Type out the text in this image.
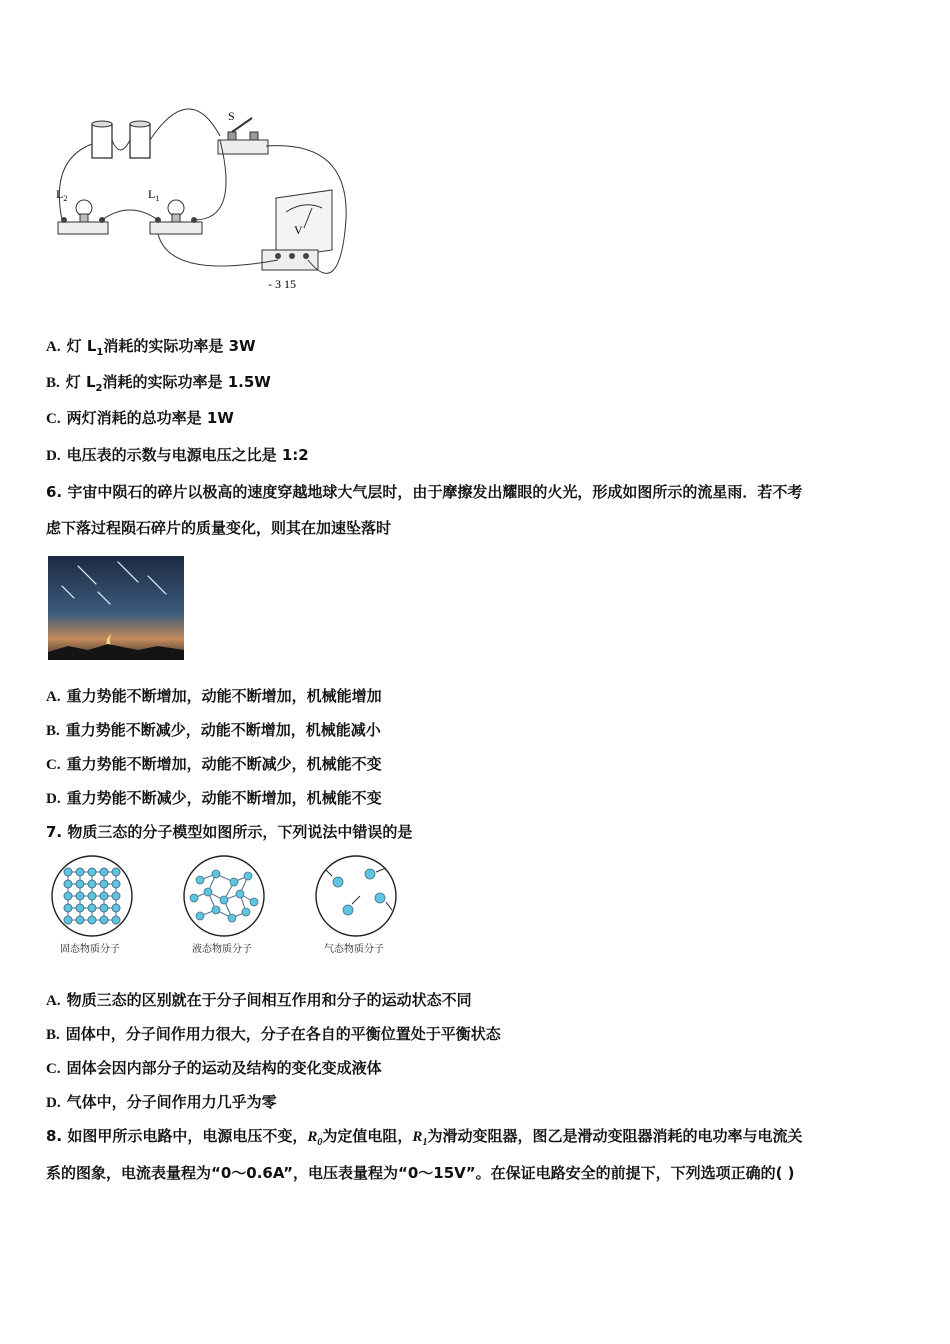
S
$L_2$	$L_1$
V
- 3 15
A. 灯 $L_1$消耗的实际功率是 3W
B. 灯 $L_2$消耗的实际功率是 1.5W
C. 两灯消耗的总功率是 1W
D. 电压表的示数与电源电压之比是 1:2
6. 宇宙中陨石的碎片以极高的速度穿越地球大气层时，由于摩擦发出耀眼的火光，形成如图所示的流星雨．若不考
虑下落过程陨石碎片的质量变化，则其在加速坠落时
A. 重力势能不断增加，动能不断增加，机械能增加
B. 重力势能不断减少，动能不断增加，机械能减小
C. 重力势能不断增加，动能不断减少，机械能不变
D. 重力势能不断减少，动能不断增加，机械能不变
7. 物质三态的分子模型如图所示，下列说法中错误的是
固态物质分子	液态物质分子	气态物质分子
A. 物质三态的区别就在于分子间相互作用和分子的运动状态不同
B. 固体中，分子间作用力很大，分子在各自的平衡位置处于平衡状态
C. 固体会因内部分子的运动及结构的变化变成液体
D. 气体中，分子间作用力几乎为零
8. 如图甲所示电路中，电源电压不变，$R_0$为定值电阻，$R_1$为滑动变阻器，图乙是滑动变阻器消耗的电功率与电流关
系的图象，电流表量程为“0～0.6A”，电压表量程为“0～15V”。在保证电路安全的前提下，下列选项正确的( )
